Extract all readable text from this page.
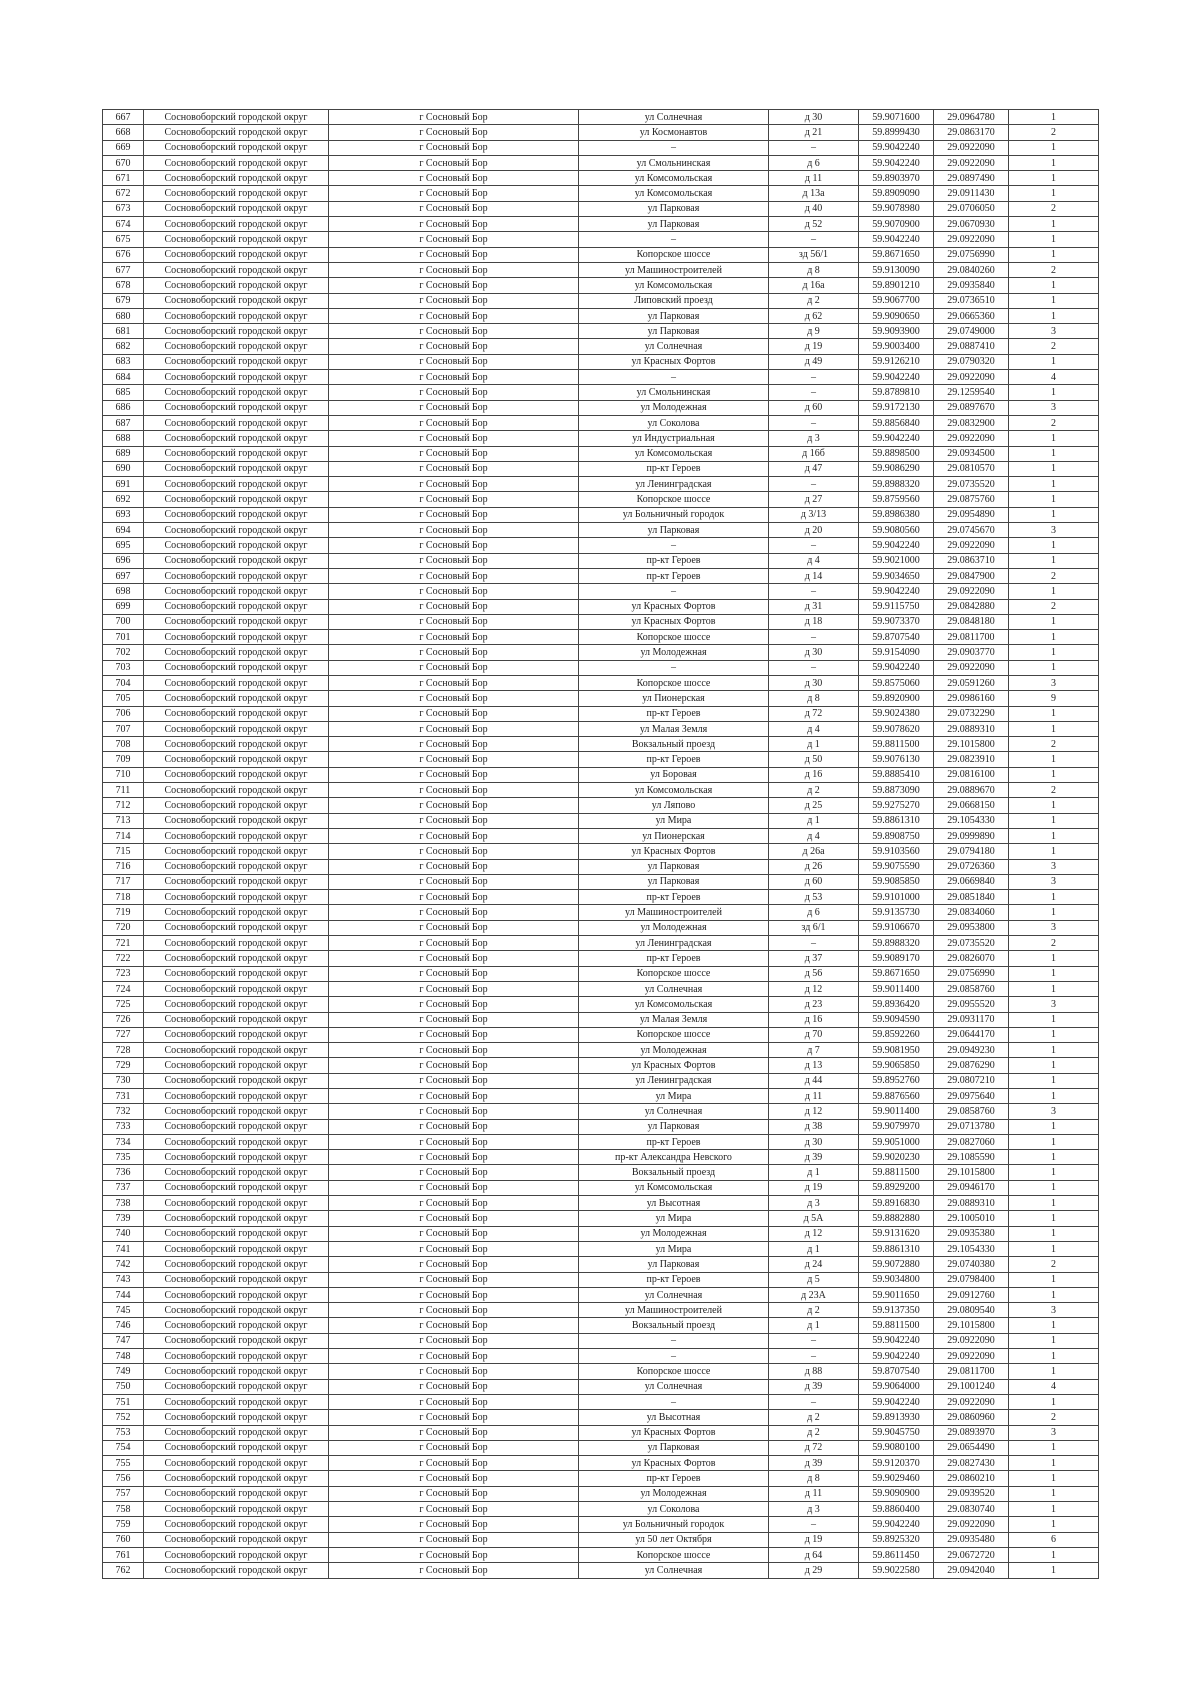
667	Сосновоборский городской округ	г Сосновый Бор	ул Солнечная	д 30	59.9071600	29.0964780	1
668	Сосновоборский городской округ	г Сосновый Бор	ул Космонавтов	д 21	59.8999430	29.0863170	2
669	Сосновоборский городской округ	г Сосновый Бор	–	–	59.9042240	29.0922090	1
670	Сосновоборский городской округ	г Сосновый Бор	ул Смольнинская	д 6	59.9042240	29.0922090	1
671	Сосновоборский городской округ	г Сосновый Бор	ул Комсомольская	д 11	59.8903970	29.0897490	1
672	Сосновоборский городской округ	г Сосновый Бор	ул Комсомольская	д 13а	59.8909090	29.0911430	1
673	Сосновоборский городской округ	г Сосновый Бор	ул Парковая	д 40	59.9078980	29.0706050	2
674	Сосновоборский городской округ	г Сосновый Бор	ул Парковая	д 52	59.9070900	29.0670930	1
675	Сосновоборский городской округ	г Сосновый Бор	–	–	59.9042240	29.0922090	1
676	Сосновоборский городской округ	г Сосновый Бор	Копорское шоссе	зд 56/1	59.8671650	29.0756990	1
677	Сосновоборский городской округ	г Сосновый Бор	ул Машиностроителей	д 8	59.9130090	29.0840260	2
678	Сосновоборский городской округ	г Сосновый Бор	ул Комсомольская	д 16а	59.8901210	29.0935840	1
679	Сосновоборский городской округ	г Сосновый Бор	Липовский проезд	д 2	59.9067700	29.0736510	1
680	Сосновоборский городской округ	г Сосновый Бор	ул Парковая	д 62	59.9090650	29.0665360	1
681	Сосновоборский городской округ	г Сосновый Бор	ул Парковая	д 9	59.9093900	29.0749000	3
682	Сосновоборский городской округ	г Сосновый Бор	ул Солнечная	д 19	59.9003400	29.0887410	2
683	Сосновоборский городской округ	г Сосновый Бор	ул Красных Фортов	д 49	59.9126210	29.0790320	1
684	Сосновоборский городской округ	г Сосновый Бор	–	–	59.9042240	29.0922090	4
685	Сосновоборский городской округ	г Сосновый Бор	ул Смольнинская	–	59.8789810	29.1259540	1
686	Сосновоборский городской округ	г Сосновый Бор	ул Молодежная	д 60	59.9172130	29.0897670	3
687	Сосновоборский городской округ	г Сосновый Бор	ул Соколова	–	59.8856840	29.0832900	2
688	Сосновоборский городской округ	г Сосновый Бор	ул Индустриальная	д 3	59.9042240	29.0922090	1
689	Сосновоборский городской округ	г Сосновый Бор	ул Комсомольская	д 16б	59.8898500	29.0934500	1
690	Сосновоборский городской округ	г Сосновый Бор	пр-кт Героев	д 47	59.9086290	29.0810570	1
691	Сосновоборский городской округ	г Сосновый Бор	ул Ленинградская	–	59.8988320	29.0735520	1
692	Сосновоборский городской округ	г Сосновый Бор	Копорское шоссе	д 27	59.8759560	29.0875760	1
693	Сосновоборский городской округ	г Сосновый Бор	ул Больничный городок	д 3/13	59.8986380	29.0954890	1
694	Сосновоборский городской округ	г Сосновый Бор	ул Парковая	д 20	59.9080560	29.0745670	3
695	Сосновоборский городской округ	г Сосновый Бор	–	–	59.9042240	29.0922090	1
696	Сосновоборский городской округ	г Сосновый Бор	пр-кт Героев	д 4	59.9021000	29.0863710	1
697	Сосновоборский городской округ	г Сосновый Бор	пр-кт Героев	д 14	59.9034650	29.0847900	2
698	Сосновоборский городской округ	г Сосновый Бор	–	–	59.9042240	29.0922090	1
699	Сосновоборский городской округ	г Сосновый Бор	ул Красных Фортов	д 31	59.9115750	29.0842880	2
700	Сосновоборский городской округ	г Сосновый Бор	ул Красных Фортов	д 18	59.9073370	29.0848180	1
701	Сосновоборский городской округ	г Сосновый Бор	Копорское шоссе	–	59.8707540	29.0811700	1
702	Сосновоборский городской округ	г Сосновый Бор	ул Молодежная	д 30	59.9154090	29.0903770	1
703	Сосновоборский городской округ	г Сосновый Бор	–	–	59.9042240	29.0922090	1
704	Сосновоборский городской округ	г Сосновый Бор	Копорское шоссе	д 30	59.8575060	29.0591260	3
705	Сосновоборский городской округ	г Сосновый Бор	ул Пионерская	д 8	59.8920900	29.0986160	9
706	Сосновоборский городской округ	г Сосновый Бор	пр-кт Героев	д 72	59.9024380	29.0732290	1
707	Сосновоборский городской округ	г Сосновый Бор	ул Малая Земля	д 4	59.9078620	29.0889310	1
708	Сосновоборский городской округ	г Сосновый Бор	Вокзальный проезд	д 1	59.8811500	29.1015800	2
709	Сосновоборский городской округ	г Сосновый Бор	пр-кт Героев	д 50	59.9076130	29.0823910	1
710	Сосновоборский городской округ	г Сосновый Бор	ул Боровая	д 16	59.8885410	29.0816100	1
711	Сосновоборский городской округ	г Сосновый Бор	ул Комсомольская	д 2	59.8873090	29.0889670	2
712	Сосновоборский городской округ	г Сосновый Бор	ул Ляпово	д 25	59.9275270	29.0668150	1
713	Сосновоборский городской округ	г Сосновый Бор	ул Мира	д 1	59.8861310	29.1054330	1
714	Сосновоборский городской округ	г Сосновый Бор	ул Пионерская	д 4	59.8908750	29.0999890	1
715	Сосновоборский городской округ	г Сосновый Бор	ул Красных Фортов	д 26а	59.9103560	29.0794180	1
716	Сосновоборский городской округ	г Сосновый Бор	ул Парковая	д 26	59.9075590	29.0726360	3
717	Сосновоборский городской округ	г Сосновый Бор	ул Парковая	д 60	59.9085850	29.0669840	3
718	Сосновоборский городской округ	г Сосновый Бор	пр-кт Героев	д 53	59.9101000	29.0851840	1
719	Сосновоборский городской округ	г Сосновый Бор	ул Машиностроителей	д 6	59.9135730	29.0834060	1
720	Сосновоборский городской округ	г Сосновый Бор	ул Молодежная	зд 6/1	59.9106670	29.0953800	3
721	Сосновоборский городской округ	г Сосновый Бор	ул Ленинградская	–	59.8988320	29.0735520	2
722	Сосновоборский городской округ	г Сосновый Бор	пр-кт Героев	д 37	59.9089170	29.0826070	1
723	Сосновоборский городской округ	г Сосновый Бор	Копорское шоссе	д 56	59.8671650	29.0756990	1
724	Сосновоборский городской округ	г Сосновый Бор	ул Солнечная	д 12	59.9011400	29.0858760	1
725	Сосновоборский городской округ	г Сосновый Бор	ул Комсомольская	д 23	59.8936420	29.0955520	3
726	Сосновоборский городской округ	г Сосновый Бор	ул Малая Земля	д 16	59.9094590	29.0931170	1
727	Сосновоборский городской округ	г Сосновый Бор	Копорское шоссе	д 70	59.8592260	29.0644170	1
728	Сосновоборский городской округ	г Сосновый Бор	ул Молодежная	д 7	59.9081950	29.0949230	1
729	Сосновоборский городской округ	г Сосновый Бор	ул Красных Фортов	д 13	59.9065850	29.0876290	1
730	Сосновоборский городской округ	г Сосновый Бор	ул Ленинградская	д 44	59.8952760	29.0807210	1
731	Сосновоборский городской округ	г Сосновый Бор	ул Мира	д 11	59.8876560	29.0975640	1
732	Сосновоборский городской округ	г Сосновый Бор	ул Солнечная	д 12	59.9011400	29.0858760	3
733	Сосновоборский городской округ	г Сосновый Бор	ул Парковая	д 38	59.9079970	29.0713780	1
734	Сосновоборский городской округ	г Сосновый Бор	пр-кт Героев	д 30	59.9051000	29.0827060	1
735	Сосновоборский городской округ	г Сосновый Бор	пр-кт Александра Невского	д 39	59.9020230	29.1085590	1
736	Сосновоборский городской округ	г Сосновый Бор	Вокзальный проезд	д 1	59.8811500	29.1015800	1
737	Сосновоборский городской округ	г Сосновый Бор	ул Комсомольская	д 19	59.8929200	29.0946170	1
738	Сосновоборский городской округ	г Сосновый Бор	ул Высотная	д 3	59.8916830	29.0889310	1
739	Сосновоборский городской округ	г Сосновый Бор	ул Мира	д 5А	59.8882880	29.1005010	1
740	Сосновоборский городской округ	г Сосновый Бор	ул Молодежная	д 12	59.9131620	29.0935380	1
741	Сосновоборский городской округ	г Сосновый Бор	ул Мира	д 1	59.8861310	29.1054330	1
742	Сосновоборский городской округ	г Сосновый Бор	ул Парковая	д 24	59.9072880	29.0740380	2
743	Сосновоборский городской округ	г Сосновый Бор	пр-кт Героев	д 5	59.9034800	29.0798400	1
744	Сосновоборский городской округ	г Сосновый Бор	ул Солнечная	д 23А	59.9011650	29.0912760	1
745	Сосновоборский городской округ	г Сосновый Бор	ул Машиностроителей	д 2	59.9137350	29.0809540	3
746	Сосновоборский городской округ	г Сосновый Бор	Вокзальный проезд	д 1	59.8811500	29.1015800	1
747	Сосновоборский городской округ	г Сосновый Бор	–	–	59.9042240	29.0922090	1
748	Сосновоборский городской округ	г Сосновый Бор	–	–	59.9042240	29.0922090	1
749	Сосновоборский городской округ	г Сосновый Бор	Копорское шоссе	д 88	59.8707540	29.0811700	1
750	Сосновоборский городской округ	г Сосновый Бор	ул Солнечная	д 39	59.9064000	29.1001240	4
751	Сосновоборский городской округ	г Сосновый Бор	–	–	59.9042240	29.0922090	1
752	Сосновоборский городской округ	г Сосновый Бор	ул Высотная	д 2	59.8913930	29.0860960	2
753	Сосновоборский городской округ	г Сосновый Бор	ул Красных Фортов	д 2	59.9045750	29.0893970	3
754	Сосновоборский городской округ	г Сосновый Бор	ул Парковая	д 72	59.9080100	29.0654490	1
755	Сосновоборский городской округ	г Сосновый Бор	ул Красных Фортов	д 39	59.9120370	29.0827430	1
756	Сосновоборский городской округ	г Сосновый Бор	пр-кт Героев	д 8	59.9029460	29.0860210	1
757	Сосновоборский городской округ	г Сосновый Бор	ул Молодежная	д 11	59.9090900	29.0939520	1
758	Сосновоборский городской округ	г Сосновый Бор	ул Соколова	д 3	59.8860400	29.0830740	1
759	Сосновоборский городской округ	г Сосновый Бор	ул Больничный городок	–	59.9042240	29.0922090	1
760	Сосновоборский городской округ	г Сосновый Бор	ул 50 лет Октября	д 19	59.8925320	29.0935480	6
761	Сосновоборский городской округ	г Сосновый Бор	Копорское шоссе	д 64	59.8611450	29.0672720	1
762	Сосновоборский городской округ	г Сосновый Бор	ул Солнечная	д 29	59.9022580	29.0942040	1
